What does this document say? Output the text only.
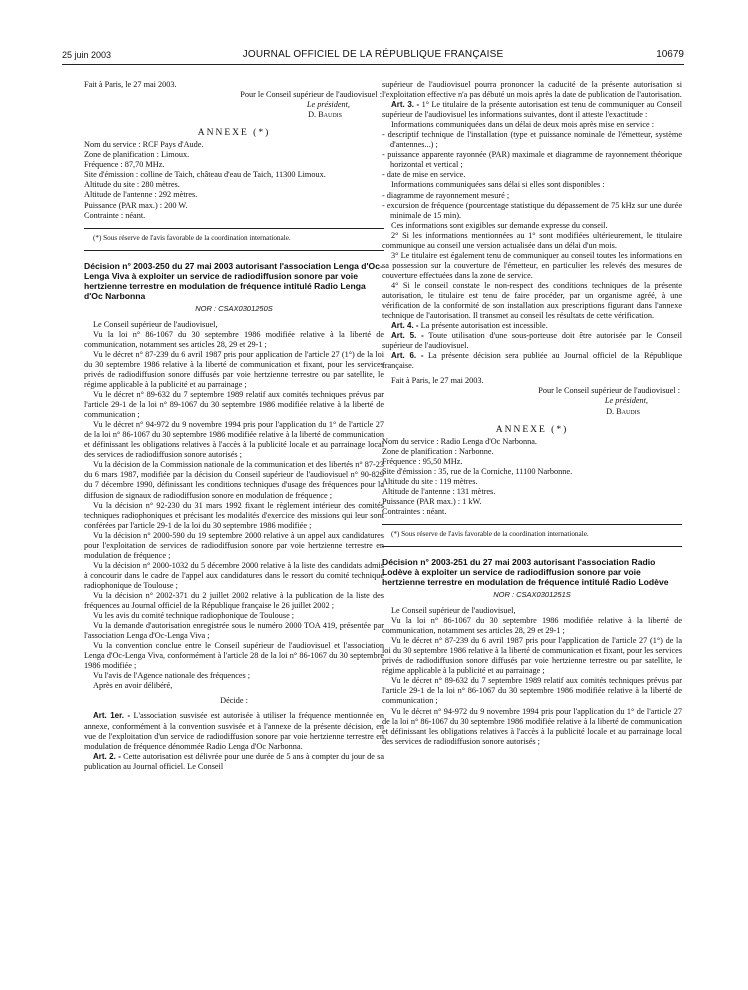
25 juin 2003	JOURNAL OFFICIEL DE LA RÉPUBLIQUE FRANÇAISE	10679

Fait à Paris, le 27 mai 2003.

Pour le Conseil supérieur de l'audiovisuel :
Le président,
D. Baudis
ANNEXE (*)

Nom du service : RCF Pays d'Aude.

Zone de planification : Limoux.

Fréquence : 87,70 MHz.

Site d'émission : colline de Taich, château d'eau de Taich, 11300 Limoux.

Altitude du site : 280 mètres.

Altitude de l'antenne : 292 mètres.

Puissance (PAR max.) : 200 W.

Contrainte : néant.

(*) Sous réserve de l'avis favorable de la coordination internationale.

Décision n° 2003-250 du 27 mai 2003 autorisant l'association Lenga d'Oc-Lenga Viva à exploiter un service de radiodiffusion sonore par voie hertzienne terrestre en modulation de fréquence intitulé Radio Lenga d'Oc Narbonna
NOR : CSAX0301250S

Le Conseil supérieur de l'audiovisuel,

Vu la loi n° 86-1067 du 30 septembre 1986 modifiée relative à la liberté de communication, notamment ses articles 28, 29 et 29-1 ;

Vu le décret n° 87-239 du 6 avril 1987 pris pour application de l'article 27 (1°) de la loi du 30 septembre 1986 relative à la liberté de communication et fixant, pour les services privés de radiodiffusion sonore diffusés par voie hertzienne terrestre ou par satellite, le régime applicable à la publicité et au parrainage ;

Vu le décret n° 89-632 du 7 septembre 1989 relatif aux comités techniques prévus par l'article 29-1 de la loi n° 89-1067 du 30 septembre 1986 modifiée relative à la liberté de communication ;

Vu le décret n° 94-972 du 9 novembre 1994 pris pour l'application du 1° de l'article 27 de la loi n° 86-1067 du 30 septembre 1986 modifiée relative à la liberté de communication et définissant les obligations relatives à l'accès à la publicité locale et au parrainage local des services de radiodiffusion sonore autorisés ;

Vu la décision de la Commission nationale de la communication et des libertés n° 87-23 du 6 mars 1987, modifiée par la décision du Conseil supérieur de l'audiovisuel n° 90-829 du 7 décembre 1990, définissant les conditions techniques d'usage des fréquences pour la diffusion de signaux de radiodiffusion sonore en modulation de fréquence ;

Vu la décision n° 92-230 du 31 mars 1992 fixant le règlement intérieur des comités techniques radiophoniques et précisant les modalités d'exercice des missions qui leur sont conférées par l'article 29-1 de la loi du 30 septembre 1986 modifiée ;

Vu la décision n° 2000-590 du 19 septembre 2000 relative à un appel aux candidatures pour l'exploitation de services de radiodiffusion sonore par voie hertzienne terrestre en modulation de fréquence ;

Vu la décision n° 2000-1032 du 5 décembre 2000 relative à la liste des candidats admis à concourir dans le cadre de l'appel aux candidatures dans le ressort du comité technique radiophonique de Toulouse ;

Vu la décision n° 2002-371 du 2 juillet 2002 relative à la publication de la liste des fréquences au Journal officiel de la République française le 26 juillet 2002 ;

Vu les avis du comité technique radiophonique de Toulouse ;

Vu la demande d'autorisation enregistrée sous le numéro 2000 TOA 419, présentée par l'association Lenga d'Oc-Lenga Viva ;

Vu la convention conclue entre le Conseil supérieur de l'audiovisuel et l'association Lenga d'Oc-Lenga Viva, conformément à l'article 28 de la loi n° 86-1067 du 30 septembre 1986 modifiée ;

Vu l'avis de l'Agence nationale des fréquences ;

Après en avoir délibéré,

Décide :

Art. 1er. - L'association susvisée est autorisée à utiliser la fréquence mentionnée en annexe, conformément à la convention susvisée et à l'annexe de la présente décision, en vue de l'exploitation d'un service de radiodiffusion sonore par voie hertzienne terrestre en modulation de fréquence dénommée Radio Lenga d'Oc Narbonna.

Art. 2. - Cette autorisation est délivrée pour une durée de 5 ans à compter du jour de sa publication au Journal officiel. Le Conseil

supérieur de l'audiovisuel pourra prononcer la caducité de la présente autorisation si l'exploitation effective n'a pas débuté un mois après la date de publication de l'autorisation.

Art. 3. - 1° Le titulaire de la présente autorisation est tenu de communiquer au Conseil supérieur de l'audiovisuel les informations suivantes, dont il atteste l'exactitude :

Informations communiquées dans un délai de deux mois après mise en service :

- descriptif technique de l'installation (type et puissance nominale de l'émetteur, système d'antennes...) ;

- puissance apparente rayonnée (PAR) maximale et diagramme de rayonnement théorique horizontal et vertical ;

- date de mise en service.

Informations communiquées sans délai si elles sont disponibles :

- diagramme de rayonnement mesuré ;

- excursion de fréquence (pourcentage statistique du dépassement de 75 kHz sur une durée minimale de 15 min).

Ces informations sont exigibles sur demande expresse du conseil.

2° Si les informations mentionnées au 1° sont modifiées ultérieurement, le titulaire communique au conseil une version actualisée dans un délai d'un mois.

3° Le titulaire est également tenu de communiquer au conseil toutes les informations en sa possession sur la couverture de l'émetteur, en particulier les relevés des mesures de couverture effectuées dans la zone de service.

4° Si le conseil constate le non-respect des conditions techniques de la présente autorisation, le titulaire est tenu de faire procéder, par un organisme agréé, à une vérification de la conformité de son installation aux prescriptions figurant dans l'annexe technique de l'autorisation. Il transmet au conseil les résultats de cette vérification.

Art. 4. - La présente autorisation est incessible.

Art. 5. - Toute utilisation d'une sous-porteuse doit être autorisée par le Conseil supérieur de l'audiovisuel.

Art. 6. - La présente décision sera publiée au Journal officiel de la République française.

Fait à Paris, le 27 mai 2003.

Pour le Conseil supérieur de l'audiovisuel :
Le président,
D. Baudis
ANNEXE (*)

Nom du service : Radio Lenga d'Oc Narbonna.

Zone de planification : Narbonne.

Fréquence : 95,50 MHz.

Site d'émission : 35, rue de la Corniche, 11100 Narbonne.

Altitude du site : 119 mètres.

Altitude de l'antenne : 131 mètres.

Puissance (PAR max.) : 1 kW.

Contraintes : néant.

(*) Sous réserve de l'avis favorable de la coordination internationale.

Décision n° 2003-251 du 27 mai 2003 autorisant l'association Radio Lodève à exploiter un service de radiodiffusion sonore par voie hertzienne terrestre en modulation de fréquence intitulé Radio Lodève
NOR : CSAX0301251S

Le Conseil supérieur de l'audiovisuel,

Vu la loi n° 86-1067 du 30 septembre 1986 modifiée relative à la liberté de communication, notamment ses articles 28, 29 et 29-1 ;

Vu le décret n° 87-239 du 6 avril 1987 pris pour l'application de l'article 27 (1°) de la loi du 30 septembre 1986 relative à la liberté de communication et fixant, pour les services privés de radiodiffusion sonore diffusés par voie hertzienne terrestre ou par satellite, le régime applicable à la publicité et au parrainage ;

Vu le décret n° 89-632 du 7 septembre 1989 relatif aux comités techniques prévus par l'article 29-1 de la loi n° 86-1067 du 30 septembre 1986 modifiée relative à la liberté de communication ;

Vu le décret n° 94-972 du 9 novembre 1994 pris pour l'application du 1° de l'article 27 de la loi n° 86-1067 du 30 septembre 1986 modifiée relative à la liberté de communication et définissant les obligations relatives à l'accès à la publicité locale et au parrainage local des services de radiodiffusion sonore autorisés ;
